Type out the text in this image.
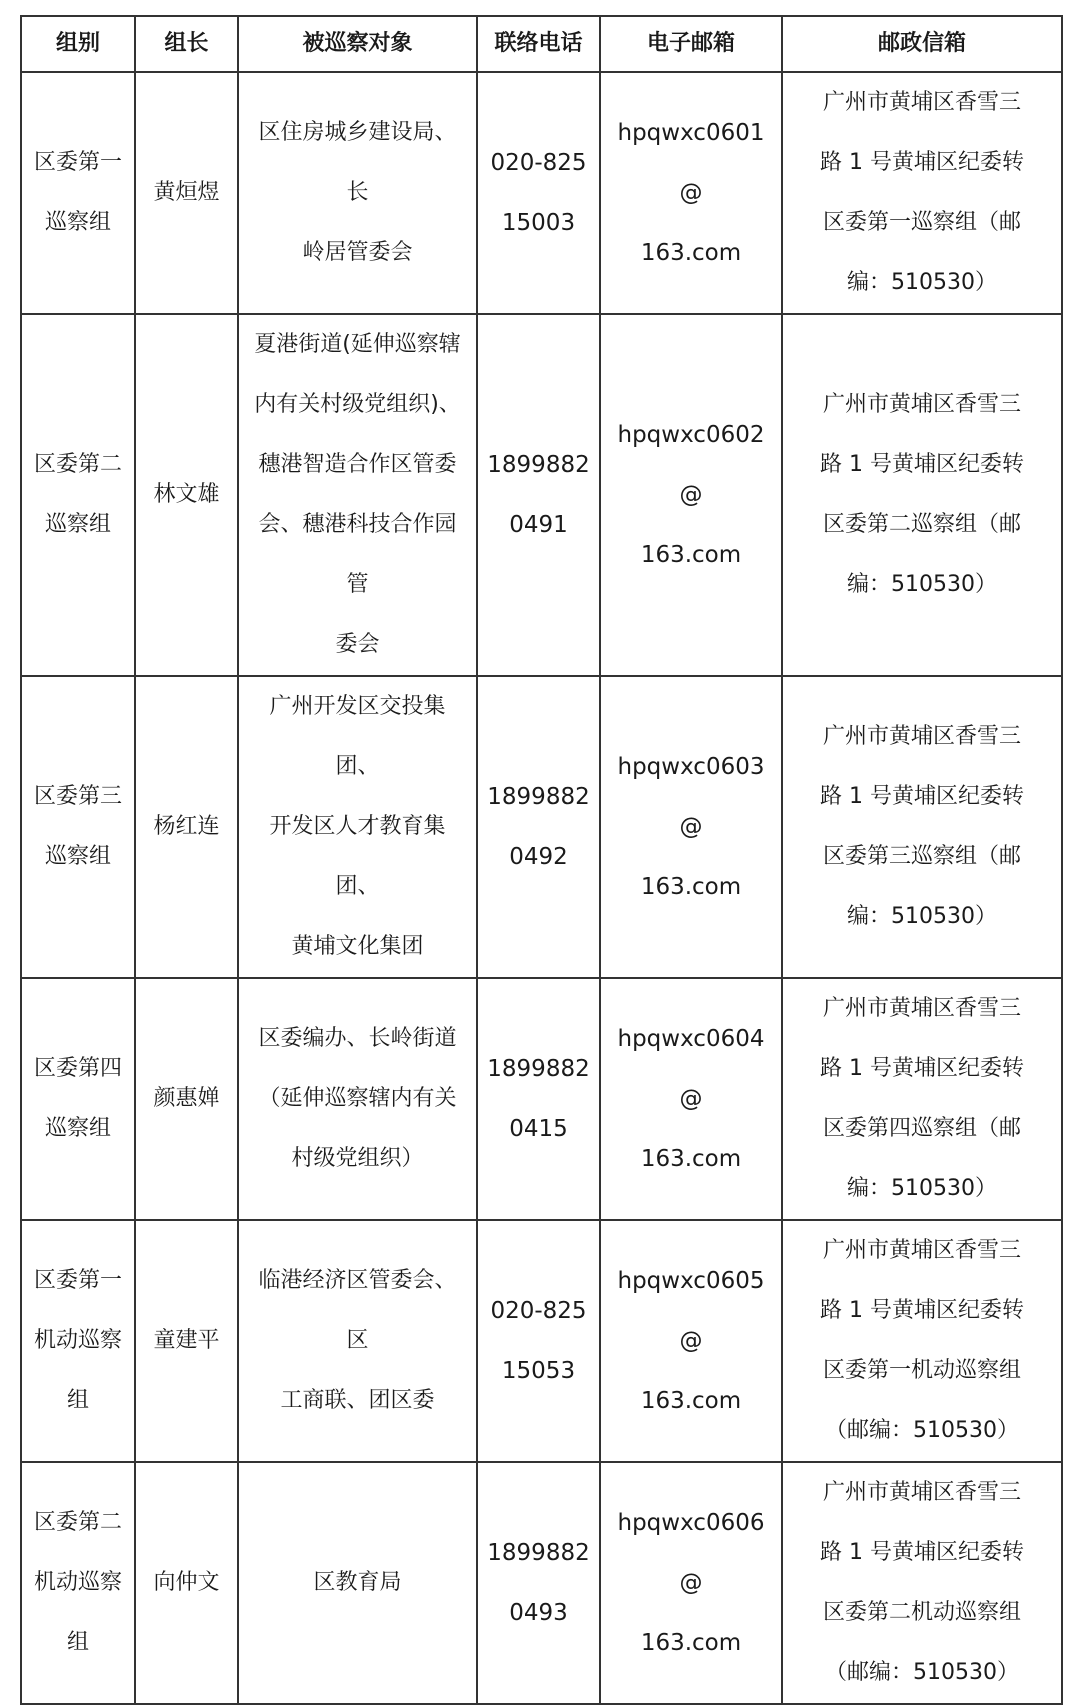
组别	组长	被巡察对象	联络电话	电子邮箱	邮政信箱

区委第一
巡察组	黄烜煜	区住房城乡建设局、长
岭居管委会	020-825
15003	hpqwxc0601@
163.com	广州市黄埔区香雪三
路 1 号黄埔区纪委转
区委第一巡察组（邮
编：510530）

区委第二
巡察组	林文雄	夏港街道(延伸巡察辖
内有关村级党组织)、
穗港智造合作区管委
会、穗港科技合作园管
委会	1899882
0491	hpqwxc0602@
163.com	广州市黄埔区香雪三
路 1 号黄埔区纪委转
区委第二巡察组（邮
编：510530）

区委第三
巡察组	杨红连	广州开发区交投集团、
开发区人才教育集团、
黄埔文化集团	1899882
0492	hpqwxc0603@
163.com	广州市黄埔区香雪三
路 1 号黄埔区纪委转
区委第三巡察组（邮
编：510530）

区委第四
巡察组	颜惠婵	区委编办、长岭街道
（延伸巡察辖内有关
村级党组织）	1899882
0415	hpqwxc0604@
163.com	广州市黄埔区香雪三
路 1 号黄埔区纪委转
区委第四巡察组（邮
编：510530）

区委第一
机动巡察
组	童建平	临港经济区管委会、区
工商联、团区委	020-825
15053	hpqwxc0605@
163.com	广州市黄埔区香雪三
路 1 号黄埔区纪委转
区委第一机动巡察组
（邮编：510530）

区委第二
机动巡察
组	向仲文	区教育局	1899882
0493	hpqwxc0606@
163.com	广州市黄埔区香雪三
路 1 号黄埔区纪委转
区委第二机动巡察组
（邮编：510530）
